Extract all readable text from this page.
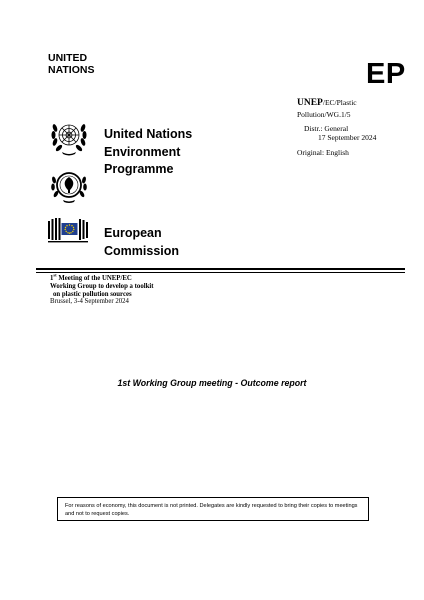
UNITED
NATIONS	EP
UNEP/EC/Plastic
Pollution/WG.1/5
Distr.: General
17 September 2024
Original: English
United Nations
Environment
Programme
European
Commission
1st Meeting of the UNEP/EC
Working Group to develop a toolkit
on plastic pollution sources
Brussel, 3-4 September 2024
1st Working Group meeting - Outcome report
For reasons of economy, this document is not printed. Delegates are kindly requested to bring their copies to meetings and not to request copies.
